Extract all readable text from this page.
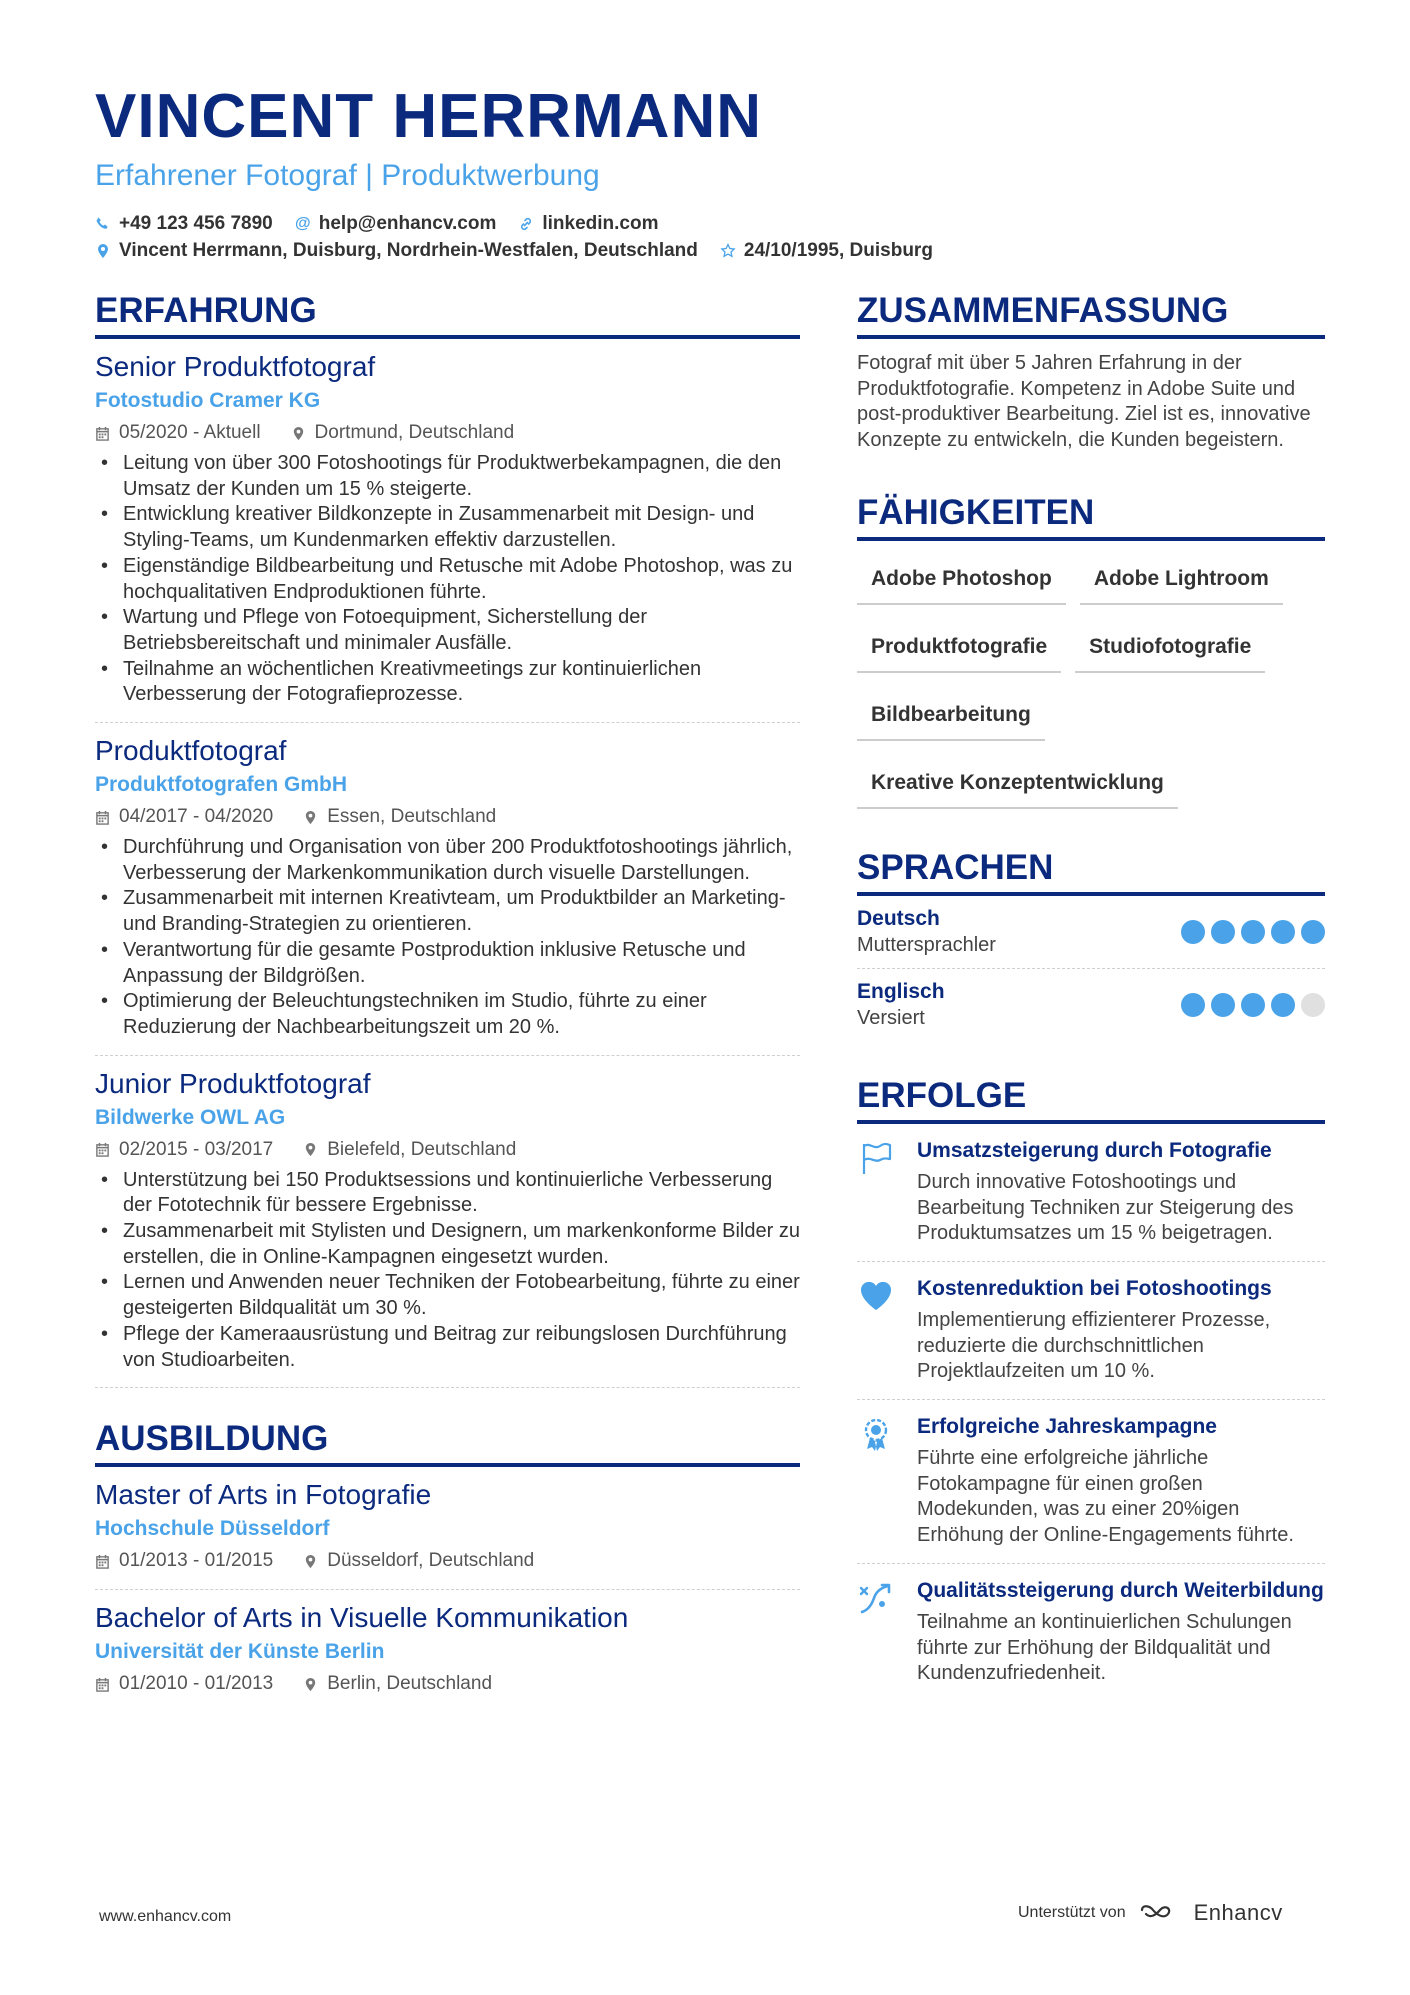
VINCENT HERRMANN
Erfahrener Fotograf | Produktwerbung
+49 123 456 7890 @ help@enhancv.com linkedin.com
Vincent Herrmann, Duisburg, Nordrhein-Westfalen, Deutschland 24/10/1995, Duisburg
ERFAHRUNG
Senior Produktfotograf
Fotostudio Cramer KG
05/2020 - Aktuell	Dortmund, Deutschland
• Leitung von über 300 Fotoshootings für Produktwerbekampagnen, die den Umsatz der Kunden um 15 % steigerte.
• Entwicklung kreativer Bildkonzepte in Zusammenarbeit mit Design- und Styling-Teams, um Kundenmarken effektiv darzustellen.
• Eigenständige Bildbearbeitung und Retusche mit Adobe Photoshop, was zu hochqualitativen Endproduktionen führte.
• Wartung und Pflege von Fotoequipment, Sicherstellung der Betriebsbereitschaft und minimaler Ausfälle.
• Teilnahme an wöchentlichen Kreativmeetings zur kontinuierlichen Verbesserung der Fotografieprozesse.
Produktfotograf
Produktfotografen GmbH
04/2017 - 04/2020	Essen, Deutschland
• Durchführung und Organisation von über 200 Produktfotoshootings jährlich, Verbesserung der Markenkommunikation durch visuelle Darstellungen.
• Zusammenarbeit mit internen Kreativteam, um Produktbilder an Marketing- und Branding-Strategien zu orientieren.
• Verantwortung für die gesamte Postproduktion inklusive Retusche und Anpassung der Bildgrößen.
• Optimierung der Beleuchtungstechniken im Studio, führte zu einer Reduzierung der Nachbearbeitungszeit um 20 %.
Junior Produktfotograf
Bildwerke OWL AG
02/2015 - 03/2017	Bielefeld, Deutschland
• Unterstützung bei 150 Produktsessions und kontinuierliche Verbesserung der Fototechnik für bessere Ergebnisse.
• Zusammenarbeit mit Stylisten und Designern, um markenkonforme Bilder zu erstellen, die in Online-Kampagnen eingesetzt wurden.
• Lernen und Anwenden neuer Techniken der Fotobearbeitung, führte zu einer gesteigerten Bildqualität um 30 %.
• Pflege der Kameraausrüstung und Beitrag zur reibungslosen Durchführung von Studioarbeiten.
AUSBILDUNG
Master of Arts in Fotografie
Hochschule Düsseldorf
01/2013 - 01/2015	Düsseldorf, Deutschland
Bachelor of Arts in Visuelle Kommunikation
Universität der Künste Berlin
01/2010 - 01/2013	Berlin, Deutschland
ZUSAMMENFASSUNG
Fotograf mit über 5 Jahren Erfahrung in der Produktfotografie. Kompetenz in Adobe Suite und post-produktiver Bearbeitung. Ziel ist es, innovative Konzepte zu entwickeln, die Kunden begeistern.
FÄHIGKEITEN
Adobe Photoshop	Adobe Lightroom
Produktfotografie	Studiofotografie
Bildbearbeitung
Kreative Konzeptentwicklung
SPRACHEN
Deutsch
Muttersprachler
Englisch
Versiert
ERFOLGE
Umsatzsteigerung durch Fotografie
Durch innovative Fotoshootings und Bearbeitung Techniken zur Steigerung des Produktumsatzes um 15 % beigetragen.
Kostenreduktion bei Fotoshootings
Implementierung effizienterer Prozesse, reduzierte die durchschnittlichen Projektlaufzeiten um 10 %.
Erfolgreiche Jahreskampagne
Führte eine erfolgreiche jährliche Fotokampagne für einen großen Modekunden, was zu einer 20%igen Erhöhung der Online-Engagements führte.
Qualitätssteigerung durch Weiterbildung
Teilnahme an kontinuierlichen Schulungen führte zur Erhöhung der Bildqualität und Kundenzufriedenheit.
www.enhancv.com	Unterstützt von	Enhancv
